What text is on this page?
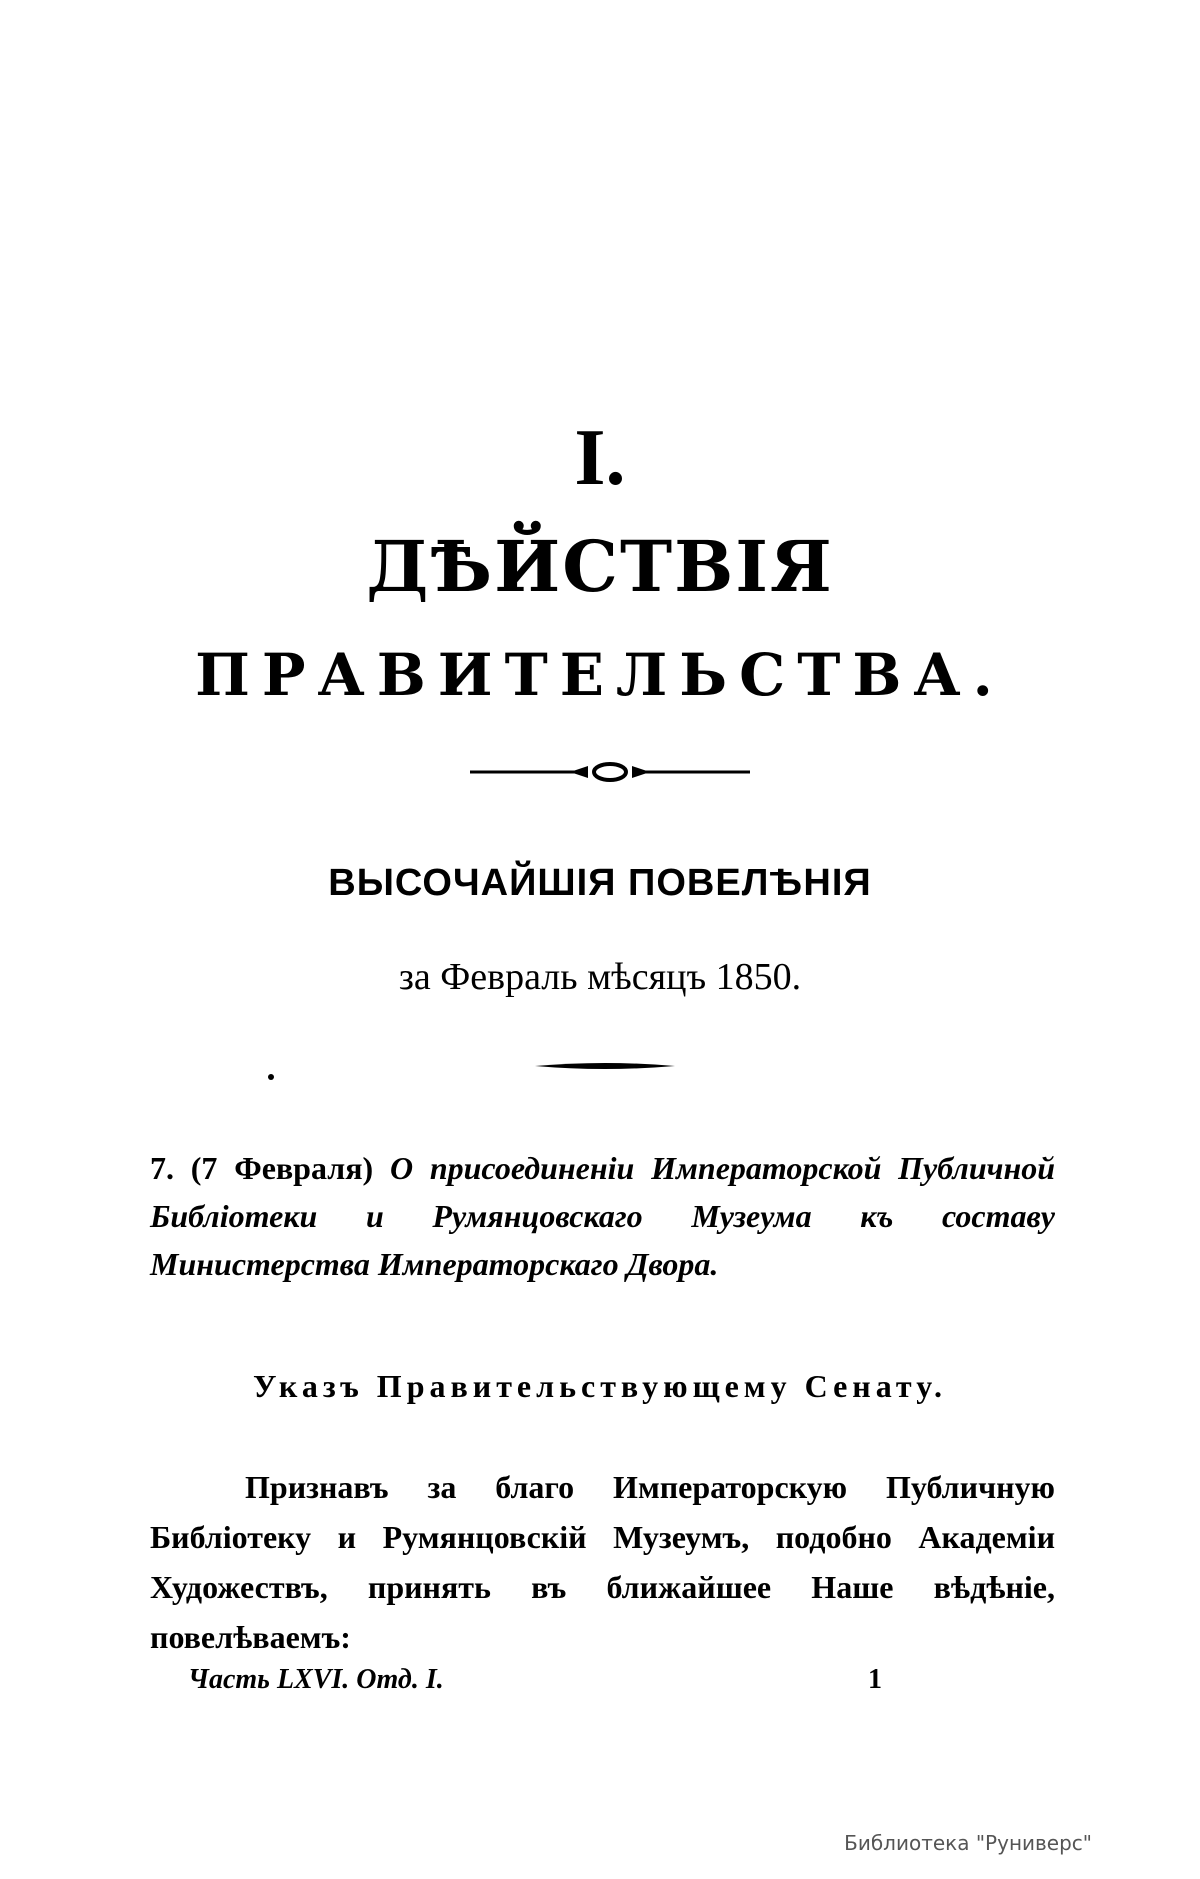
I.
ДѢЙСТВІЯ
ПРАВИТЕЛЬСТВА.
ВЫСОЧАЙШІЯ ПОВЕЛѢНІЯ
за Февраль мѣсяцъ 1850.
7. (7 Февраля) О присоединеніи Императорской Публичной Библіотеки и Румянцовскаго Музеума къ составу Министерства Императорскаго Двора.
Указъ Правительствующему Сенату.
Признавъ за благо Императорскую Публичную Библіотеку и Румянцовскій Музеумъ, подобно Академіи Художествъ, принять въ ближайшее Наше вѣдѣніе, повелѣваемъ:
Часть LXVI. Отд. I.	1
Библиотека "Руниверс"
